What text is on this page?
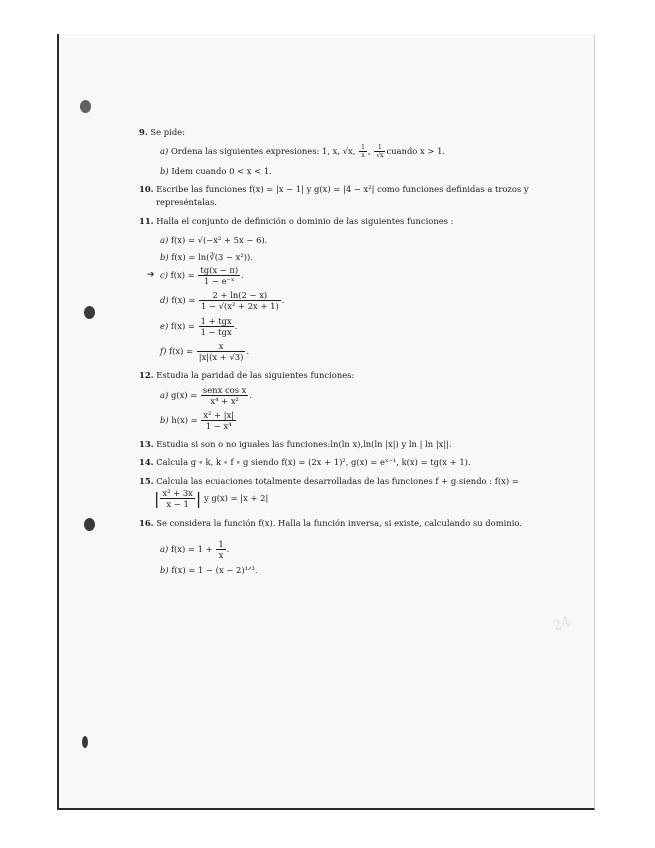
9. Se pide:
a) Ordena las siguientes expresiones: 1, x, √x, $\frac{1}{x}$ , $\frac{1}{√x}$ cuando x > 1.
b) Idem cuando 0 < x < 1.
10. Escribe las funciones f(x) = |x − 1| y g(x) = |4 − x²| como funciones definidas a trozos y
represéntalas.
11. Halla el conjunto de definición o dominio de las siguientes funciones :
a) f(x) = √(−x² + 5x − 6).
b) f(x) = ln(∛(3 − x²)).
➔ c) $f(x) = \frac{tg(x - \pi)}{\text{1 − e⁻ˣ}}$ .
d) $f(x) = \frac{2 + \ln(2 - x)}{\text{1 − √(x² + 2x + 1)}}$ .
e) $f(x) = \frac{\text{1 + tgx}}{\text{1 − tgx}}$ .
f) $f(x) = \frac{x}{|x|(x + √3)}$ .
12. Estudia la paridad de las siguientes funciones:
a) $g(x) = \frac{\text{senx cos x}}{\text{x⁴ + x²}}$ .
b) $h(x) = \frac{\text{x² + |x|}}{\text{1 − x⁴}}$
13. Estudia si son o no iguales las funciones:ln(ln x),ln(ln |x|) y ln | ln |x||.
14. Calcula g ∘ k, k ∘ f ∘ g siendo f(x) = (2x + 1)², g(x) = eˣ⁻¹, k(x) = tg(x + 1).
15. Calcula las ecuaciones totalmente desarrolladas de las funciones f + g siendo : f(x) =
| $\frac{\text{x² + 3x}}{x - 1}$ | y g(x) = |x + 2|
16. Se considera la función f(x). Halla la función inversa, si existe, calculando su dominio.
a) $f(x) = 1 + \frac{1}{x}$ .
b) f(x) = 1 − (x − 2)¹ᐟ³.
24
